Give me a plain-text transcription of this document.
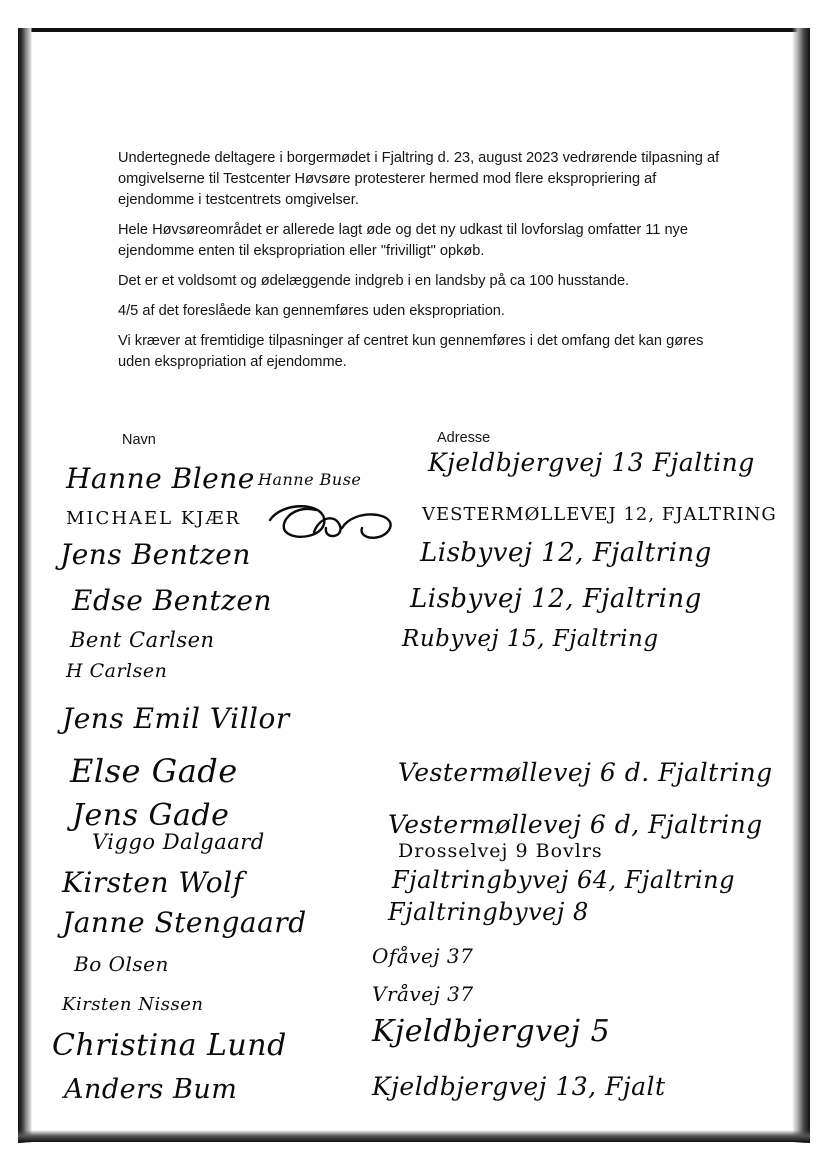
Undertegnede deltagere i borgermødet i Fjaltring d. 23, august 2023 vedrørende tilpasning af omgivelserne til Testcenter Høvsøre protesterer hermed mod flere ekspropriering af ejendomme i testcentrets omgivelser.

Hele Høvsøreområdet er allerede lagt øde og det ny udkast til lovforslag omfatter 11 nye ejendomme enten til ekspropriation eller "frivilligt" opkøb.

Det er et voldsomt og ødelæggende indgreb i en landsby på ca 100 husstande.

4/5 af det foreslåede kan gennemføres uden ekspropriation.

Vi kræver at fremtidige tilpasninger af centret kun gennemføres i det omfang det kan gøres uden ekspropriation af ejendomme.

Navn	Adresse
Hanne Blene Hanne Buse
MICHAEL KJÆR
Jens Bentzen
Edse Bentzen
Bent Carlsen
H Carlsen
Jens Emil Villor
Else Gade
Jens Gade
Viggo Dalgaard
Kirsten Wolf
Janne Stengaard
Bo Olsen
Kirsten Nissen
Christina Lund
Anders Bum
Kjeldbjergvej 13 Fjalting
VESTERMØLLEVEJ 12, FJALTRING
Lisbyvej 12, Fjaltring
Lisbyvej 12, Fjaltring
Rubyvej 15, Fjaltring
Vestermøllevej 6 d. Fjaltring
Vestermøllevej 6 d, Fjaltring
Drosselvej 9 Bovlrs
Fjaltringbyvej 64, Fjaltring
Fjaltringbyvej 8
Ofåvej 37
Vråvej 37
Kjeldbjergvej 5
Kjeldbjergvej 13, Fjalt
